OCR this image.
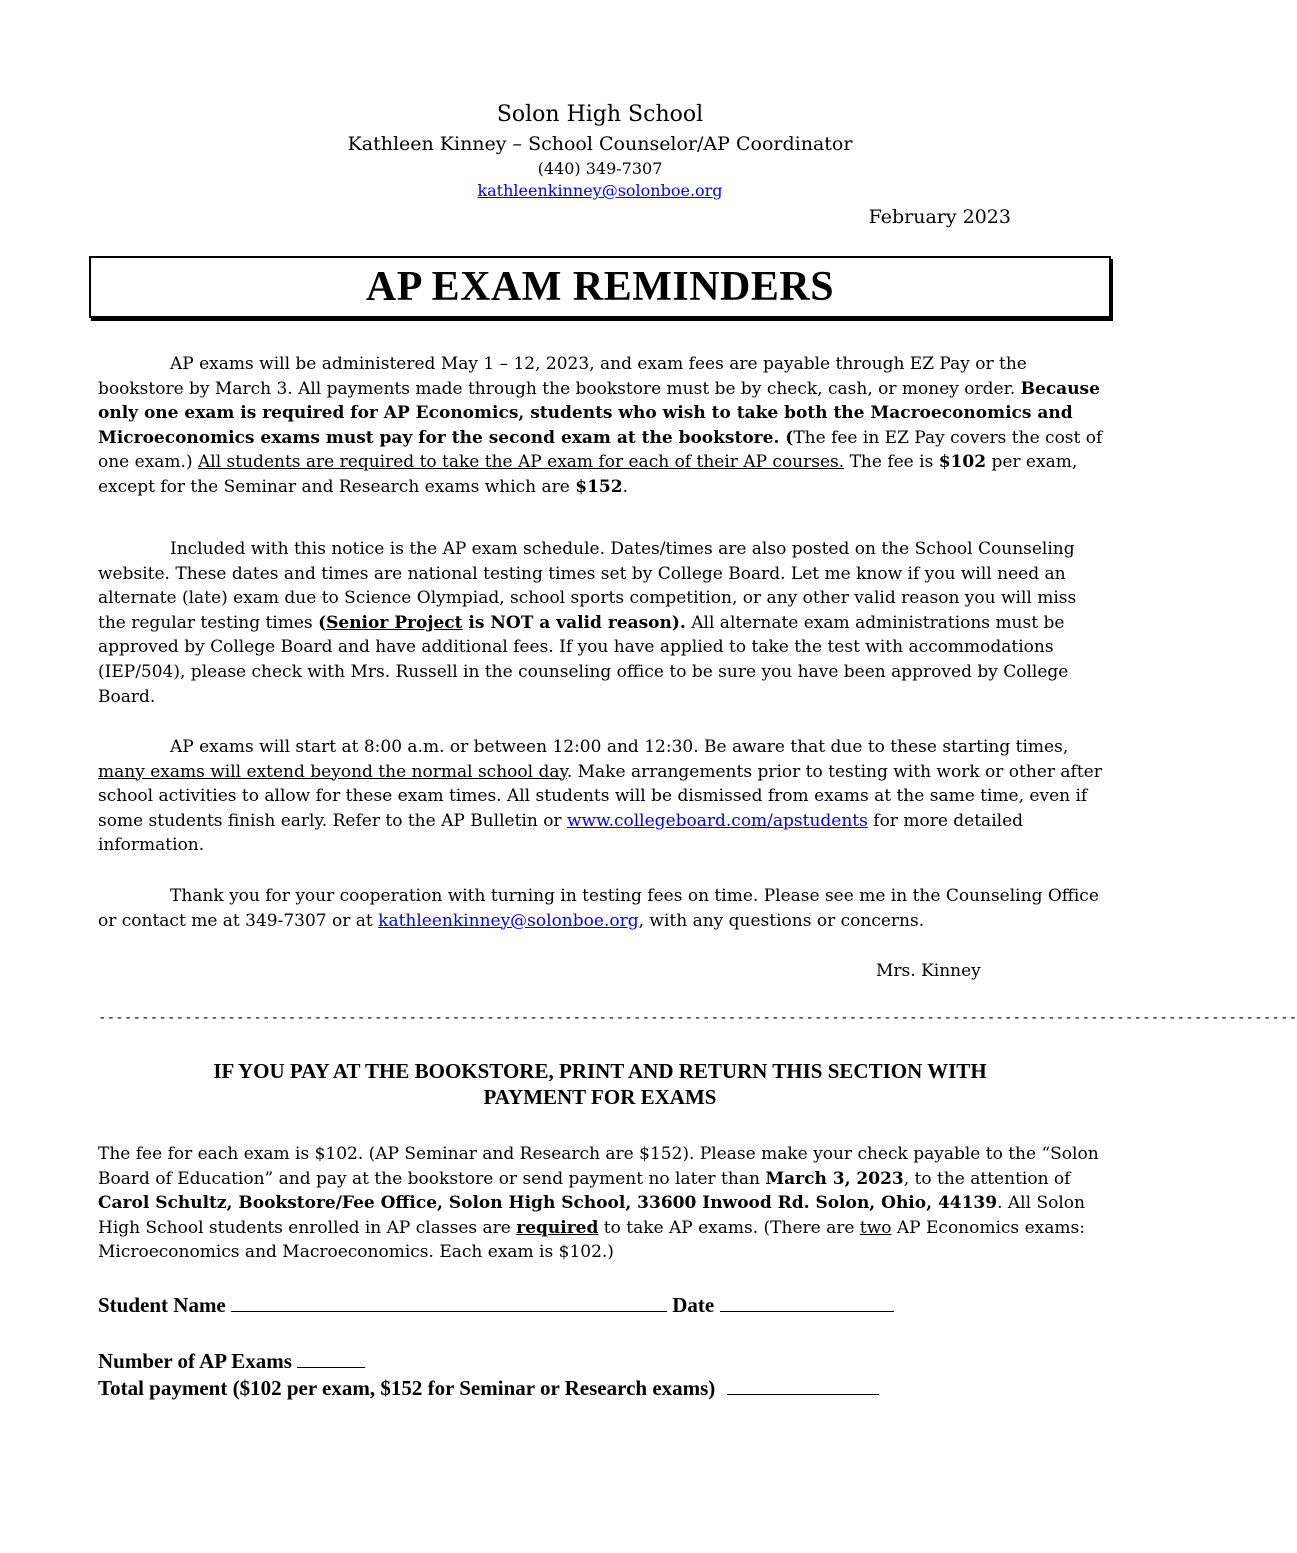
Solon High School
Kathleen Kinney – School Counselor/AP Coordinator
(440) 349-7307
kathleenkinney@solonboe.org
February 2023
AP EXAM REMINDERS
AP exams will be administered May 1 – 12, 2023, and exam fees are payable through EZ Pay or the bookstore by March 3. All payments made through the bookstore must be by check, cash, or money order. Because only one exam is required for AP Economics, students who wish to take both the Macroeconomics and Microeconomics exams must pay for the second exam at the bookstore. (The fee in EZ Pay covers the cost of one exam.) All students are required to take the AP exam for each of their AP courses. The fee is $102 per exam, except for the Seminar and Research exams which are $152.
Included with this notice is the AP exam schedule. Dates/times are also posted on the School Counseling website. These dates and times are national testing times set by College Board. Let me know if you will need an alternate (late) exam due to Science Olympiad, school sports competition, or any other valid reason you will miss the regular testing times (Senior Project is NOT a valid reason). All alternate exam administrations must be approved by College Board and have additional fees. If you have applied to take the test with accommodations (IEP/504), please check with Mrs. Russell in the counseling office to be sure you have been approved by College Board.
AP exams will start at 8:00 a.m. or between 12:00 and 12:30. Be aware that due to these starting times, many exams will extend beyond the normal school day. Make arrangements prior to testing with work or other after school activities to allow for these exam times. All students will be dismissed from exams at the same time, even if some students finish early. Refer to the AP Bulletin or www.collegeboard.com/apstudents for more detailed information.
Thank you for your cooperation with turning in testing fees on time. Please see me in the Counseling Office or contact me at 349-7307 or at kathleenkinney@solonboe.org, with any questions or concerns.
Mrs. Kinney
-------------------------------------------------------------------------------------------------------------------------------------------
IF YOU PAY AT THE BOOKSTORE, PRINT AND RETURN THIS SECTION WITH
PAYMENT FOR EXAMS
The fee for each exam is $102. (AP Seminar and Research are $152). Please make your check payable to the “Solon Board of Education” and pay at the bookstore or send payment no later than March 3, 2023, to the attention of Carol Schultz, Bookstore/Fee Office, Solon High School, 33600 Inwood Rd. Solon, Ohio, 44139. All Solon High School students enrolled in AP classes are required to take AP exams. (There are two AP Economics exams: Microeconomics and Macroeconomics. Each exam is $102.)
Student Name	Date
Number of AP Exams
Total payment ($102 per exam, $152 for Seminar or Research exams)
